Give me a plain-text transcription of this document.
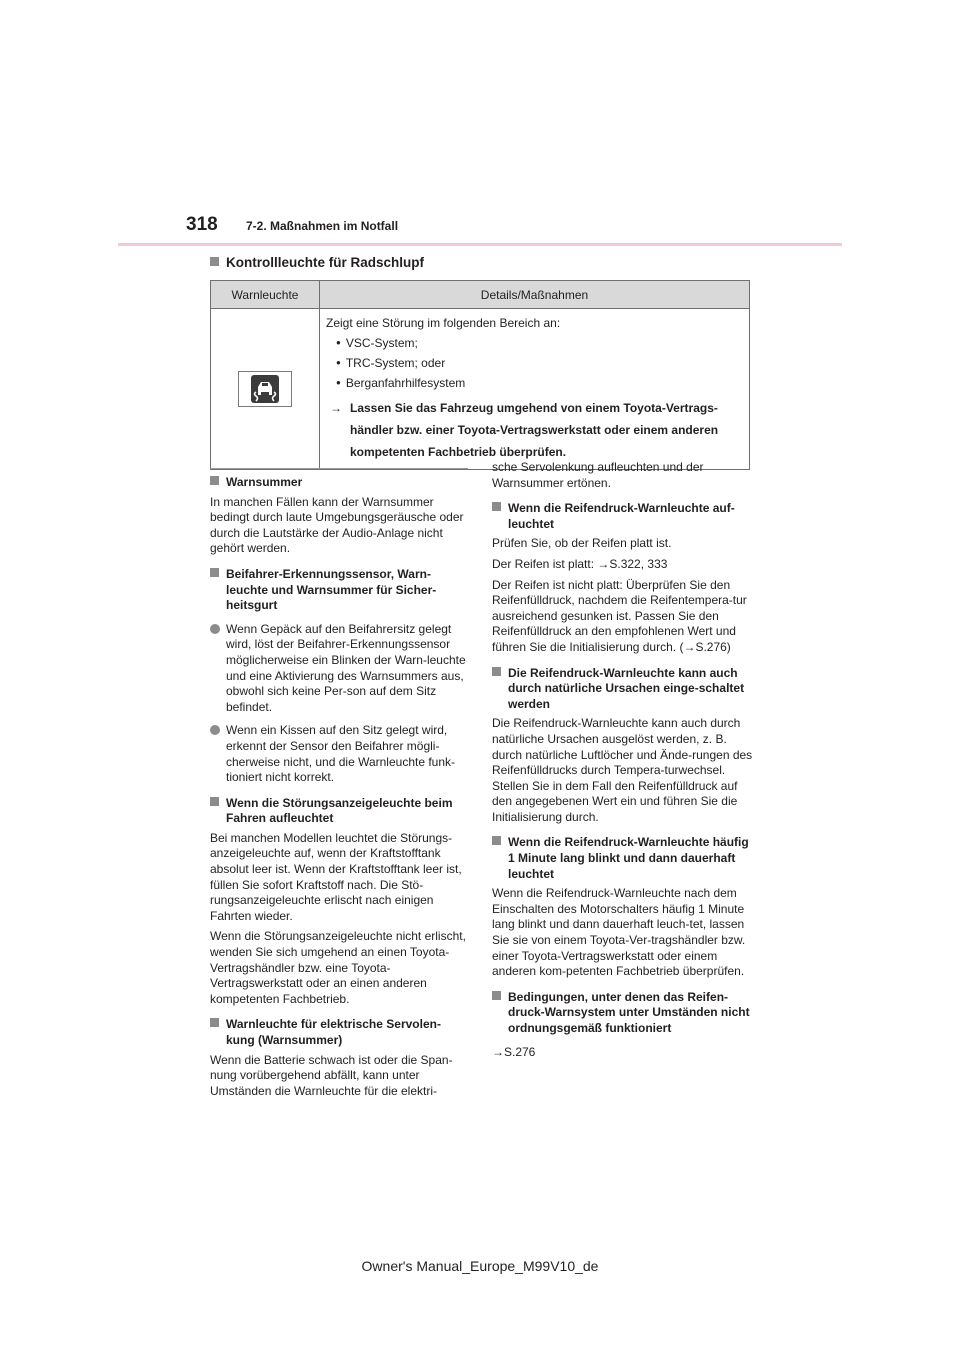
318 7-2. Maßnahmen im Notfall
Kontrollleuchte für Radschlupf
Warnleuchte	Details/Maßnahmen

Zeigt eine Störung im folgenden Bereich an:
● VSC-System;
● TRC-System; oder
● Berganfahrhilfesystem
→ Lassen Sie das Fahrzeug umgehend von einem Toyota-Vertrags-händler bzw. einer Toyota-Vertragswerkstatt oder einem anderen kompetenten Fachbetrieb überprüfen.
Warnsummer

In manchen Fällen kann der Warnsummer bedingt durch laute Umgebungsgeräusche oder durch die Lautstärke der Audio-Anlage nicht gehört werden.

Beifahrer-Erkennungssensor, Warn-leuchte und Warnsummer für Sicher-heitsgurt
Wenn Gepäck auf den Beifahrersitz gelegt wird, löst der Beifahrer-Erkennungssensor möglicherweise ein Blinken der Warn-leuchte und eine Aktivierung des Warnsummers aus, obwohl sich keine Per-son auf dem Sitz befindet.
Wenn ein Kissen auf den Sitz gelegt wird, erkennt der Sensor den Beifahrer mögli-cherweise nicht, und die Warnleuchte funk-tioniert nicht korrekt.
Wenn die Störungsanzeigeleuchte beim Fahren aufleuchtet

Bei manchen Modellen leuchtet die Störungs-anzeigeleuchte auf, wenn der Kraftstofftank absolut leer ist. Wenn der Kraftstofftank leer ist, füllen Sie sofort Kraftstoff nach. Die Stö-rungsanzeigeleuchte erlischt nach einigen Fahrten wieder.

Wenn die Störungsanzeigeleuchte nicht erlischt, wenden Sie sich umgehend an einen Toyota-Vertragshändler bzw. eine Toyota-Vertragswerkstatt oder an einen anderen kompetenten Fachbetrieb.

Warnleuchte für elektrische Servolen-kung (Warnsummer)

Wenn die Batterie schwach ist oder die Span-nung vorübergehend abfällt, kann unter Umständen die Warnleuchte für die elektri-

sche Servolenkung aufleuchten und der Warnsummer ertönen.

Wenn die Reifendruck-Warnleuchte auf-leuchtet

Prüfen Sie, ob der Reifen platt ist.

Der Reifen ist platt: →S.322, 333

Der Reifen ist nicht platt: Überprüfen Sie den Reifenfülldruck, nachdem die Reifentempera-tur ausreichend gesunken ist. Passen Sie den Reifenfülldruck an den empfohlenen Wert und führen Sie die Initialisierung durch. (→S.276)

Die Reifendruck-Warnleuchte kann auch durch natürliche Ursachen einge-schaltet werden

Die Reifendruck-Warnleuchte kann auch durch natürliche Ursachen ausgelöst werden, z. B. durch natürliche Luftlöcher und Ände-rungen des Reifenfülldrucks durch Tempera-turwechsel. Stellen Sie in dem Fall den Reifenfülldruck auf den angegebenen Wert ein und führen Sie die Initialisierung durch.

Wenn die Reifendruck-Warnleuchte häufig 1 Minute lang blinkt und dann dauerhaft leuchtet

Wenn die Reifendruck-Warnleuchte nach dem Einschalten des Motorschalters häufig 1 Minute lang blinkt und dann dauerhaft leuch-tet, lassen Sie sie von einem Toyota-Ver-tragshändler bzw. einer Toyota-Vertragswerkstatt oder einem anderen kom-petenten Fachbetrieb überprüfen.

Bedingungen, unter denen das Reifen-druck-Warnsystem unter Umständen nicht ordnungsgemäß funktioniert

→S.276

Owner's Manual_Europe_M99V10_de
